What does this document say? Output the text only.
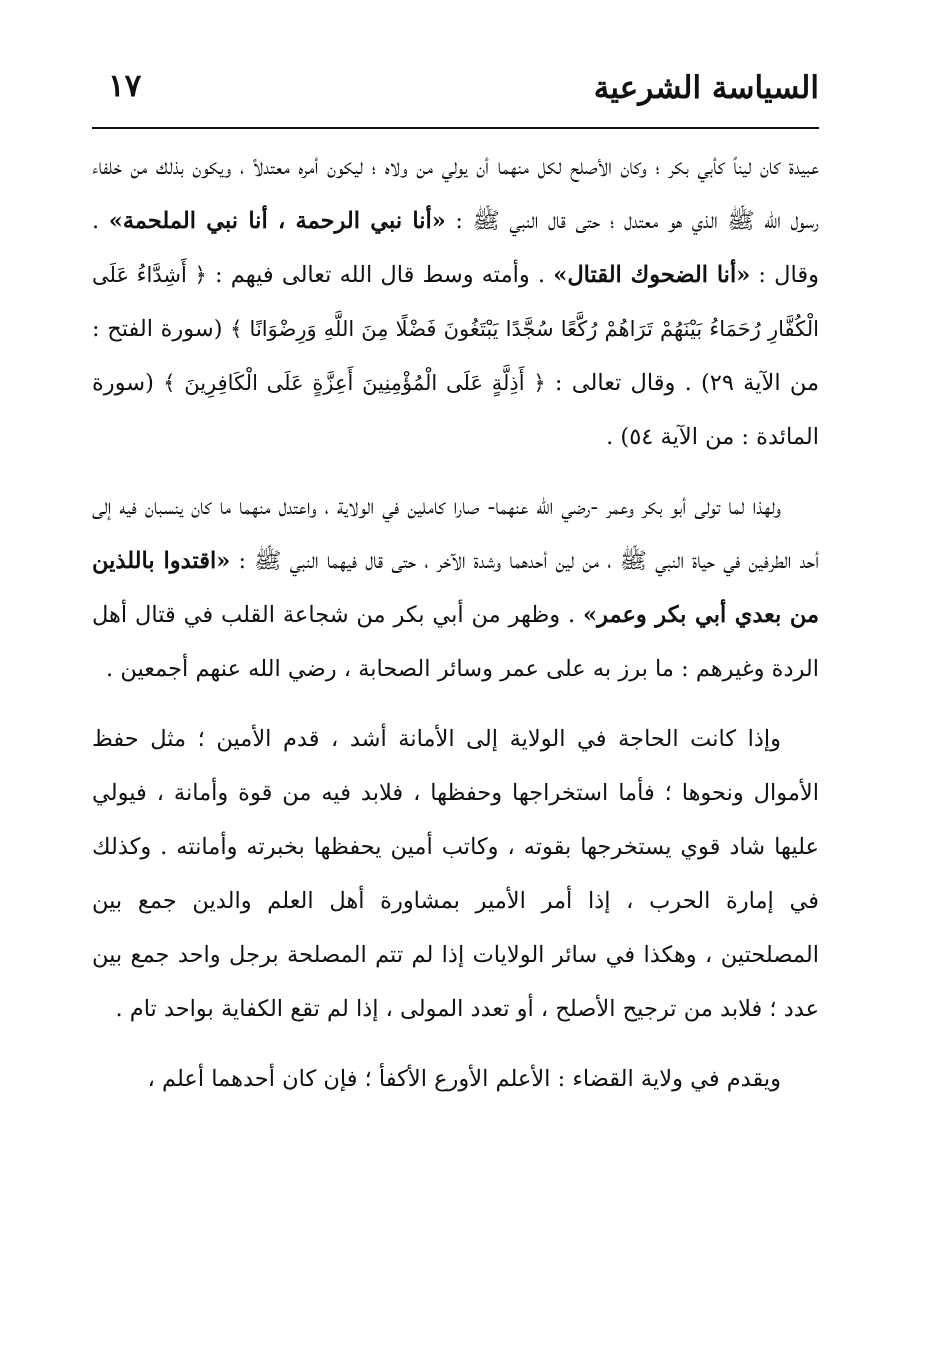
السياسة الشرعية
١٧

عبيدة كان ليناً كأبي بكر ؛ وكان الأصلح لكل منهما أن يولي من ولاه ؛ ليكون أمره معتدلاً ، ويكون بذلك من خلفاء رسول الله ﷺ الذي هو معتدل ؛ حتى قال النبي ﷺ : «أنا نبي الرحمة ، أنا نبي الملحمة» . وقال : «أنا الضحوك القتال» . وأمته وسط قال الله تعالى فيهم : ﴿ أَشِدَّاءُ عَلَى الْكُفَّارِ رُحَمَاءُ بَيْنَهُمْ تَرَاهُمْ رُكَّعًا سُجَّدًا يَبْتَغُونَ فَضْلًا مِنَ اللَّهِ وَرِضْوَانًا ﴾ (سورة الفتح : من الآية ٢٩) . وقال تعالى : ﴿ أَذِلَّةٍ عَلَى الْمُؤْمِنِينَ أَعِزَّةٍ عَلَى الْكَافِرِينَ ﴾ (سورة المائدة : من الآية ٥٤) .

ولهذا لما تولى أبو بكر وعمر -رضي الله عنهما- صارا كاملين في الولاية ، واعتدل منهما ما كان ينسبان فيه إلى أحد الطرفين في حياة النبي ﷺ ، من لين أحدهما وشدة الآخر ، حتى قال فيهما النبي ﷺ : «اقتدوا باللذين من بعدي أبي بكر وعمر» . وظهر من أبي بكر من شجاعة القلب في قتال أهل الردة وغيرهم : ما برز به على عمر وسائر الصحابة ، رضي الله عنهم أجمعين .

وإذا كانت الحاجة في الولاية إلى الأمانة أشد ، قدم الأمين ؛ مثل حفظ الأموال ونحوها ؛ فأما استخراجها وحفظها ، فلابد فيه من قوة وأمانة ، فيولي عليها شاد قوي يستخرجها بقوته ، وكاتب أمين يحفظها بخبرته وأمانته . وكذلك في إمارة الحرب ، إذا أمر الأمير بمشاورة أهل العلم والدين جمع بين المصلحتين ، وهكذا في سائر الولايات إذا لم تتم المصلحة برجل واحد جمع بين عدد ؛ فلابد من ترجيح الأصلح ، أو تعدد المولى ، إذا لم تقع الكفاية بواحد تام .

ويقدم في ولاية القضاء : الأعلم الأورع الأكفأ ؛ فإن كان أحدهما أعلم ،
